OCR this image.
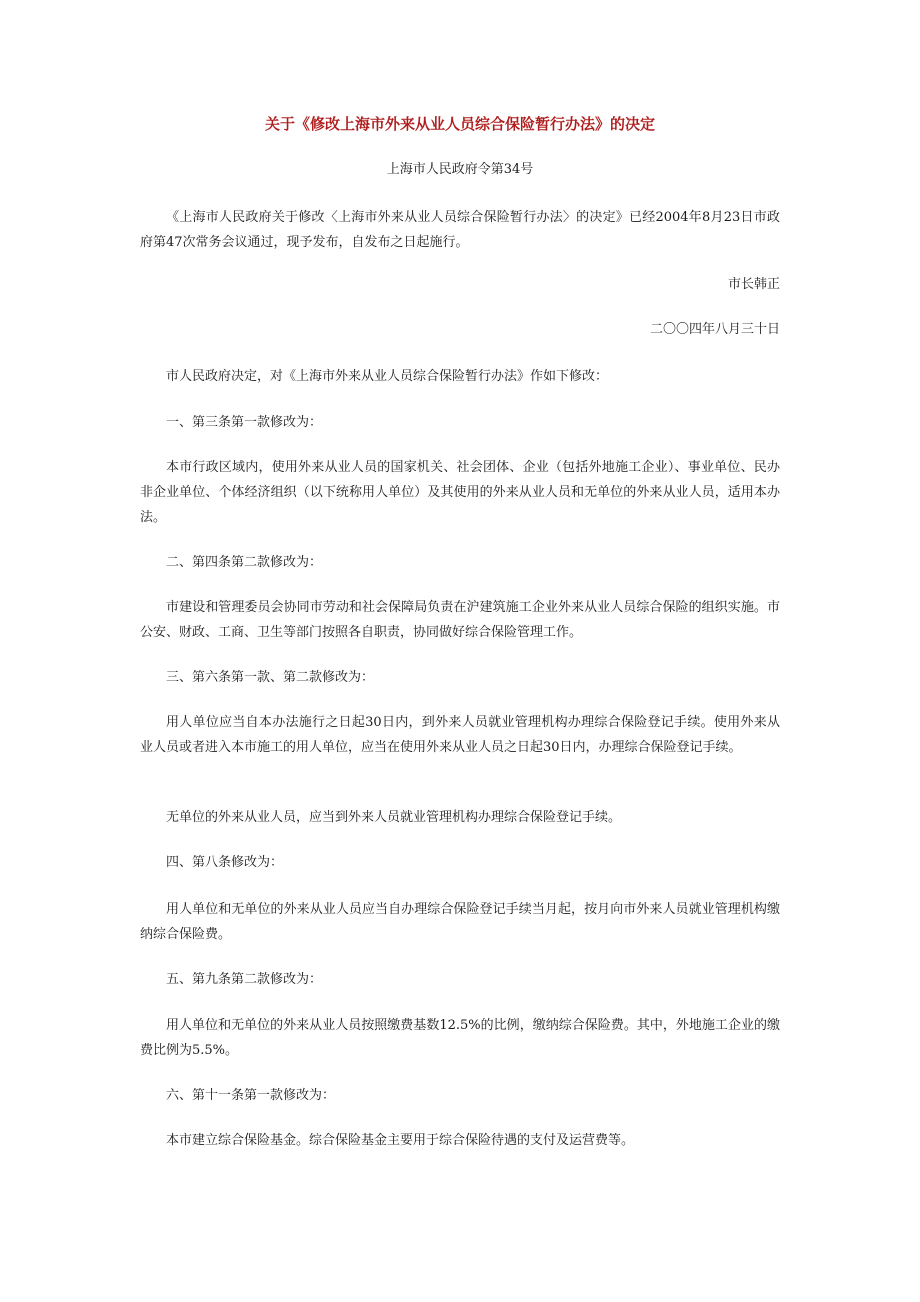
关于《修改上海市外来从业人员综合保险暂行办法》的决定
上海市人民政府令第34号

《上海市人民政府关于修改〈上海市外来从业人员综合保险暂行办法〉的决定》已经2004年8月23日市政府第47次常务会议通过，现予发布，自发布之日起施行。

市长韩正

二〇〇四年八月三十日

市人民政府决定，对《上海市外来从业人员综合保险暂行办法》作如下修改：

一、第三条第一款修改为：

本市行政区域内，使用外来从业人员的国家机关、社会团体、企业（包括外地施工企业）、事业单位、民办非企业单位、个体经济组织（以下统称用人单位）及其使用的外来从业人员和无单位的外来从业人员，适用本办法。

二、第四条第二款修改为：

市建设和管理委员会协同市劳动和社会保障局负责在沪建筑施工企业外来从业人员综合保险的组织实施。市公安、财政、工商、卫生等部门按照各自职责，协同做好综合保险管理工作。

三、第六条第一款、第二款修改为：

用人单位应当自本办法施行之日起30日内，到外来人员就业管理机构办理综合保险登记手续。使用外来从业人员或者进入本市施工的用人单位，应当在使用外来从业人员之日起30日内，办理综合保险登记手续。

无单位的外来从业人员，应当到外来人员就业管理机构办理综合保险登记手续。

四、第八条修改为：

用人单位和无单位的外来从业人员应当自办理综合保险登记手续当月起，按月向市外来人员就业管理机构缴纳综合保险费。

五、第九条第二款修改为：

用人单位和无单位的外来从业人员按照缴费基数12.5%的比例，缴纳综合保险费。其中，外地施工企业的缴费比例为5.5%。

六、第十一条第一款修改为：

本市建立综合保险基金。综合保险基金主要用于综合保险待遇的支付及运营费等。
